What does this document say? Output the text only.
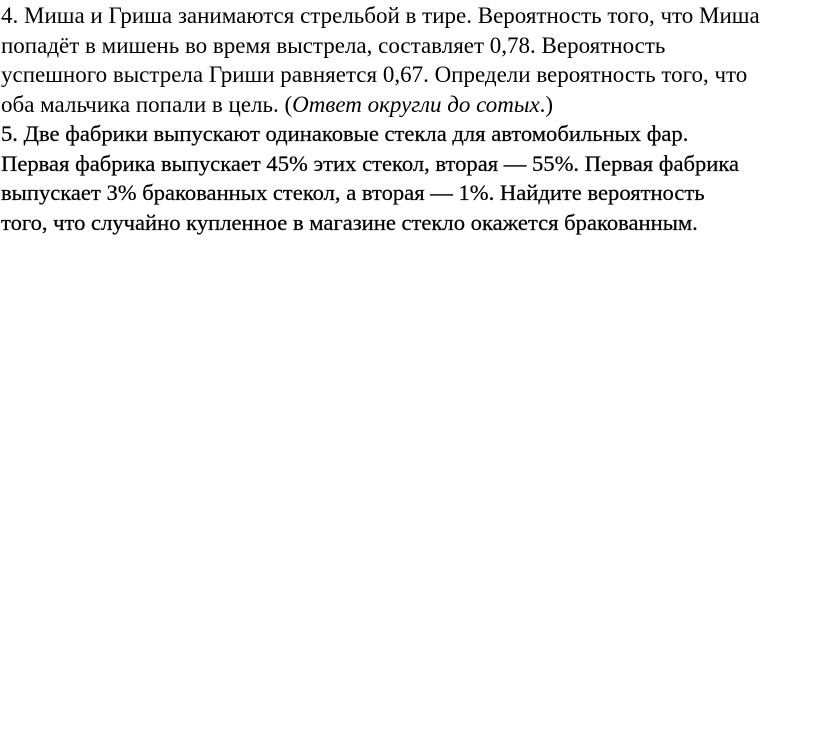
4. Миша и Гриша занимаются стрельбой в тире. Вероятность того, что Миша
попадёт в мишень во время выстрела, составляет 0,78. Вероятность
успешного выстрела Гриши равняется 0,67. Определи вероятность того, что
оба мальчика попали в цель. (Ответ округли до сотых.)
5. Две фабрики выпускают одинаковые стекла для автомобильных фар.
Первая фабрика выпускает 45% этих стекол, вторая — 55%. Первая фабрика
выпускает 3% бракованных стекол, а вторая — 1%. Найдите вероятность
того, что случайно купленное в магазине стекло окажется бракованным.
